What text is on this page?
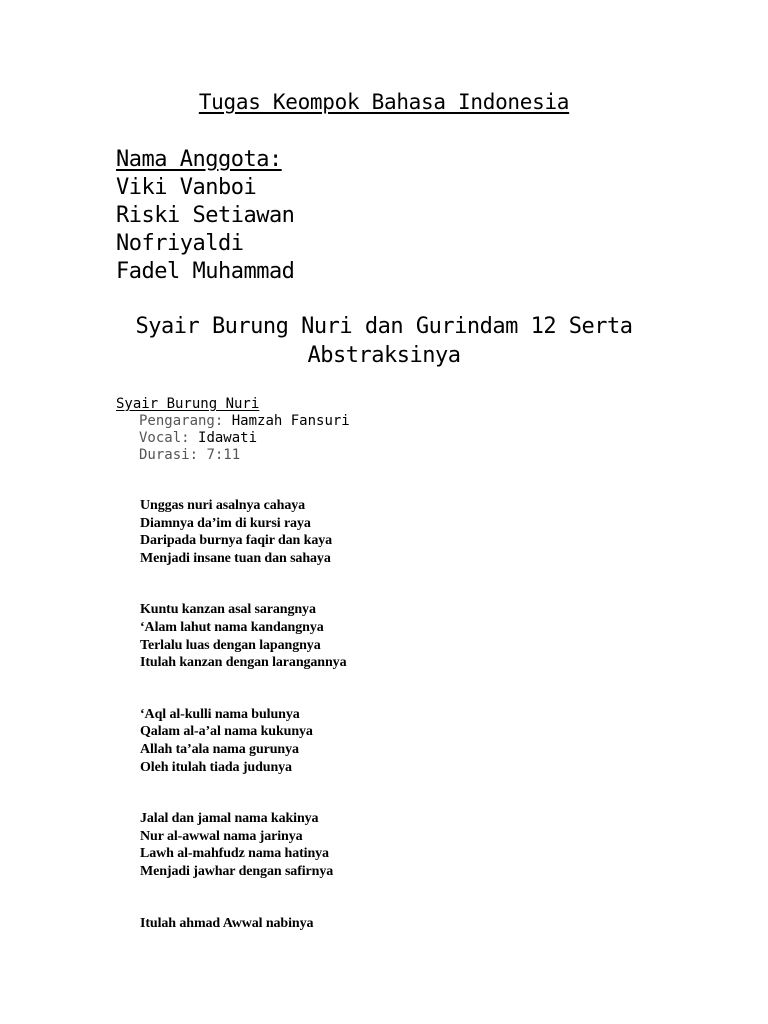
Tugas Keompok Bahasa Indonesia
Nama Anggota:
Viki Vanboi
Riski Setiawan
Nofriyaldi
Fadel Muhammad
Syair Burung Nuri dan Gurindam 12 Serta
Abstraksinya
Syair Burung Nuri
Pengarang: Hamzah Fansuri
Vocal: Idawati
Durasi: 7:11
Unggas nuri asalnya cahaya
Diamnya da’im di kursi raya
Daripada burnya faqir dan kaya
Menjadi insane tuan dan sahaya
Kuntu kanzan asal sarangnya
‘Alam lahut nama kandangnya
Terlalu luas dengan lapangnya
Itulah kanzan dengan larangannya
‘Aql al-kulli nama bulunya
Qalam al-a’al nama kukunya
Allah ta’ala nama gurunya
Oleh itulah tiada judunya
Jalal dan jamal nama kakinya
Nur al-awwal nama jarinya
Lawh al-mahfudz nama hatinya
Menjadi jawhar dengan safirnya
Itulah ahmad Awwal nabinya
